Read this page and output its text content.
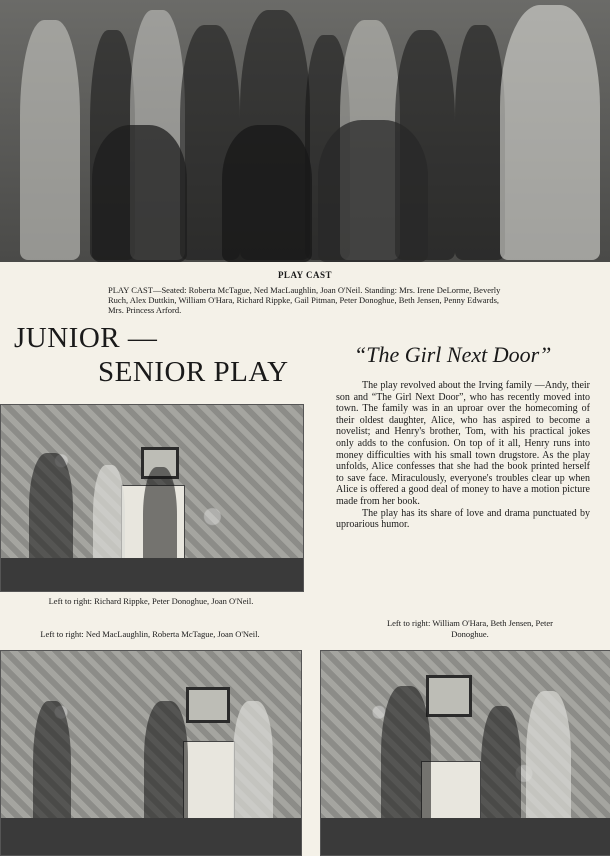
PLAY CAST
PLAY CAST—Seated: Roberta McTague, Ned MacLaughlin, Joan O'Neil. Standing: Mrs. Irene DeLorme, Beverly Ruch, Alex Duttkin, William O'Hara, Richard Rippke, Gail Pitman, Peter Donoghue, Beth Jensen, Penny Edwards, Mrs. Princess Arford.
JUNIOR —
SENIOR PLAY
“The Girl Next Door”

The play revolved about the Irving family —Andy, their son and “The Girl Next Door”, who has recently moved into town. The family was in an uproar over the homecoming of their oldest daughter, Alice, who has aspired to become a novelist; and Henry's brother, Tom, with his practical jokes only adds to the confusion. On top of it all, Henry runs into money difficulties with his small town drugstore. As the play unfolds, Alice confesses that she had the book printed herself to save face. Miraculously, everyone's troubles clear up when Alice is offered a good deal of money to have a motion picture made from her book.

The play has its share of love and drama punctuated by uproarious humor.

Left to right: Richard Rippke, Peter Donoghue, Joan O'Neil.
Left to right: Ned MacLaughlin, Roberta McTague, Joan O'Neil.
Left to right: William O'Hara, Beth Jensen, Peter Donoghue.
